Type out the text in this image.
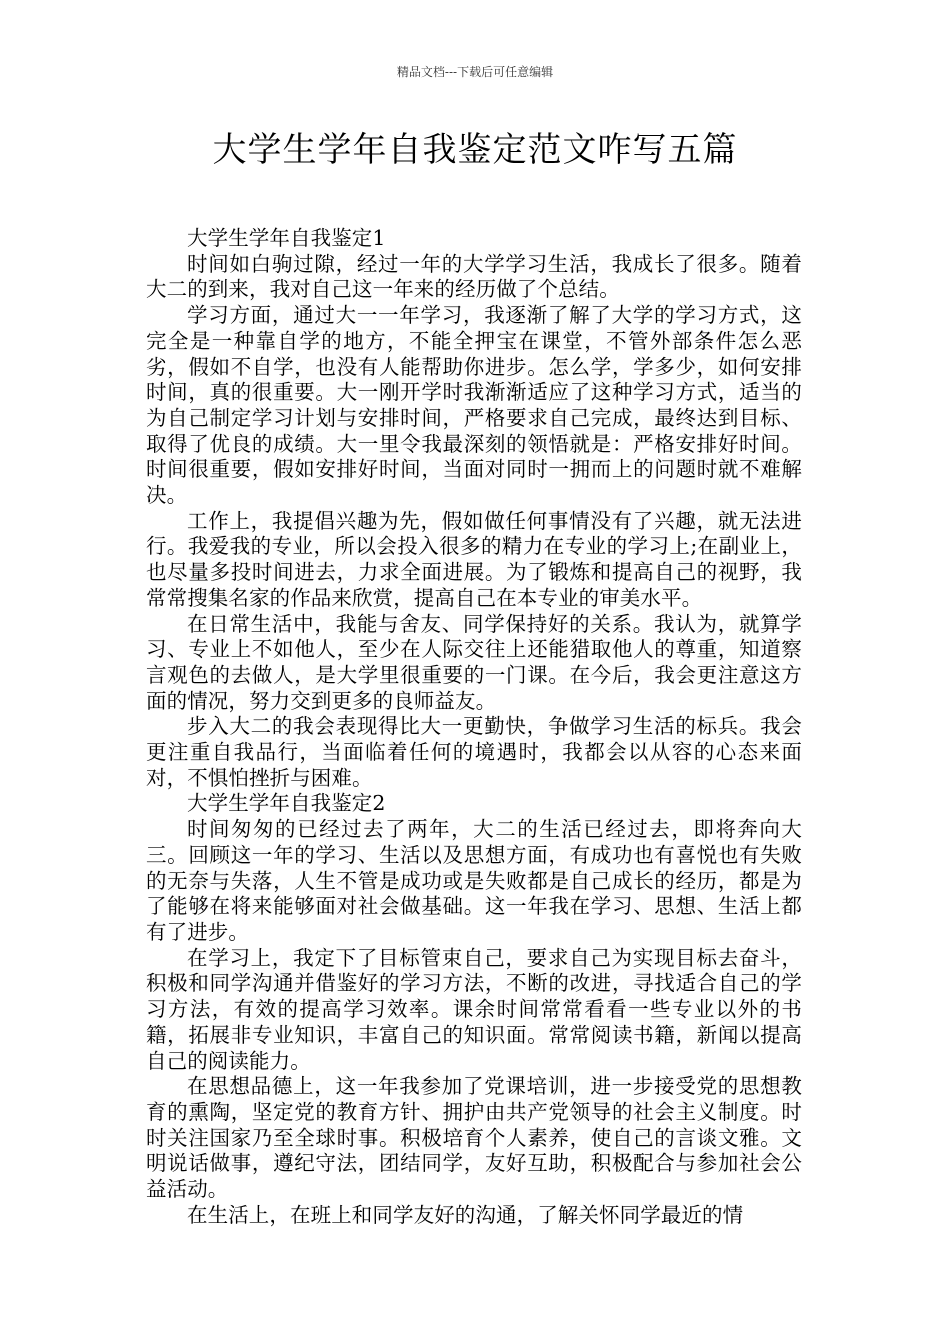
精品文档---下载后可任意编辑
大学生学年自我鉴定范文咋写五篇

大学生学年自我鉴定1

时间如白驹过隙，经过一年的大学学习生活，我成长了很多。随着大二的到来，我对自己这一年来的经历做了个总结。

学习方面，通过大一一年学习，我逐渐了解了大学的学习方式，这完全是一种靠自学的地方，不能全押宝在课堂，不管外部条件怎么恶劣，假如不自学，也没有人能帮助你进步。怎么学，学多少，如何安排时间，真的很重要。大一刚开学时我渐渐适应了这种学习方式，适当的为自己制定学习计划与安排时间，严格要求自己完成，最终达到目标、取得了优良的成绩。大一里令我最深刻的领悟就是：严格安排好时间。时间很重要，假如安排好时间，当面对同时一拥而上的问题时就不难解决。

工作上，我提倡兴趣为先，假如做任何事情没有了兴趣，就无法进行。我爱我的专业，所以会投入很多的精力在专业的学习上;在副业上，也尽量多投时间进去，力求全面进展。为了锻炼和提高自己的视野，我常常搜集名家的作品来欣赏，提高自己在本专业的审美水平。

在日常生活中，我能与舍友、同学保持好的关系。我认为，就算学习、专业上不如他人，至少在人际交往上还能猎取他人的尊重，知道察言观色的去做人，是大学里很重要的一门课。在今后，我会更注意这方面的情况，努力交到更多的良师益友。

步入大二的我会表现得比大一更勤快，争做学习生活的标兵。我会更注重自我品行，当面临着任何的境遇时，我都会以从容的心态来面对，不惧怕挫折与困难。

大学生学年自我鉴定2

时间匆匆的已经过去了两年，大二的生活已经过去，即将奔向大三。回顾这一年的学习、生活以及思想方面，有成功也有喜悦也有失败的无奈与失落，人生不管是成功或是失败都是自己成长的经历，都是为了能够在将来能够面对社会做基础。这一年我在学习、思想、生活上都有了进步。

在学习上，我定下了目标管束自己，要求自己为实现目标去奋斗，积极和同学沟通并借鉴好的学习方法，不断的改进，寻找适合自己的学习方法，有效的提高学习效率。课余时间常常看看一些专业以外的书籍，拓展非专业知识，丰富自己的知识面。常常阅读书籍，新闻以提高自己的阅读能力。

在思想品德上，这一年我参加了党课培训，进一步接受党的思想教育的熏陶，坚定党的教育方针、拥护由共产党领导的社会主义制度。时时关注国家乃至全球时事。积极培育个人素养，使自己的言谈文雅。文明说话做事，遵纪守法，团结同学，友好互助，积极配合与参加社会公益活动。

在生活上，在班上和同学友好的沟通，了解关怀同学最近的情
